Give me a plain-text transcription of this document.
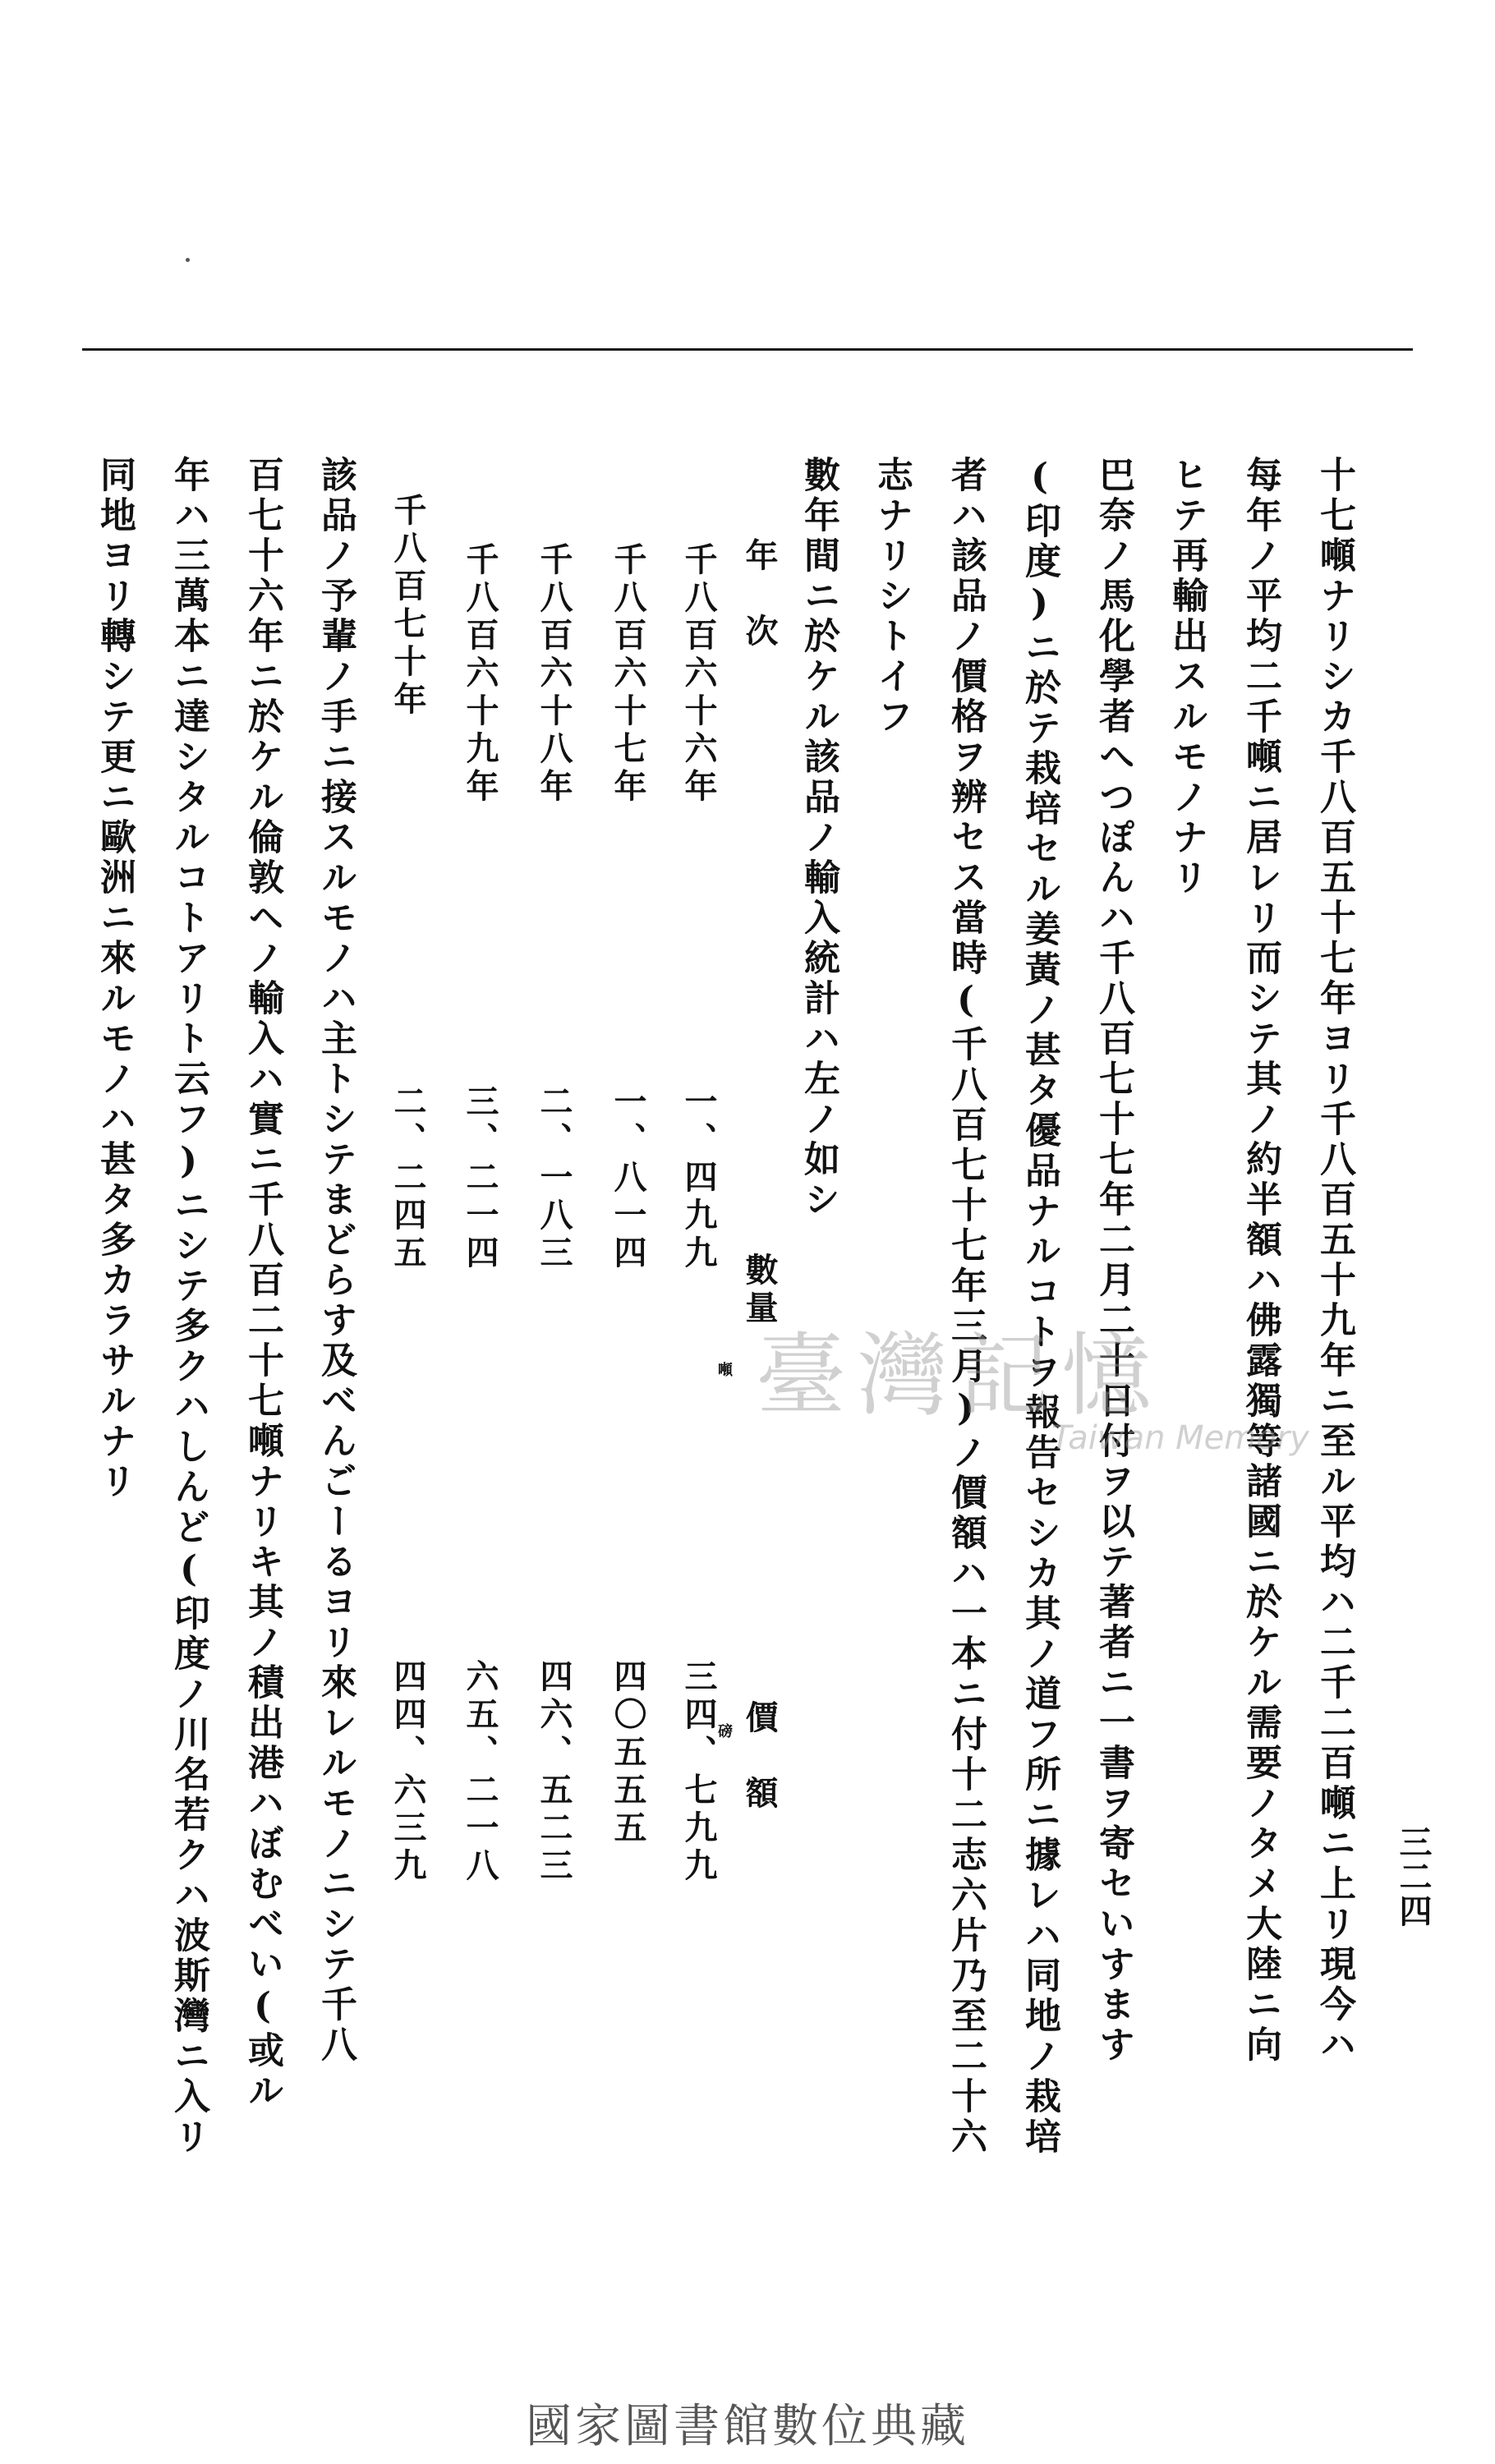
三二四
十七噸ナリシカ千八百五十七年ヨリ千八百五十九年ニ至ル平均ハ二千二百噸ニ上リ現今ハ
每年ノ平均二千噸ニ居レリ而シテ其ノ約半額ハ佛露獨等諸國ニ於ケル需要ノタメ大陸ニ向
ヒテ再輸出スルモノナリ
巴奈ノ馬化學者へつぽんハ千八百七十七年二月二十日付ヲ以テ著者ニ一書ヲ寄セいすます
(印度)ニ於テ栽培セル姜黃ノ甚タ優品ナルコトヲ報告セシカ其ノ道フ所ニ據レハ同地ノ栽培
者ハ該品ノ價格ヲ辨セス當時(千八百七十七年三月)ノ價額ハ一本ニ付十二志六片乃至二十六
志ナリシトイフ
數年間ニ於ケル該品ノ輸入統計ハ左ノ如シ
年　次
數量
價　額
千八百六十六年
一、四九九
噸
三四、七九九
磅
千八百六十七年
一、八一四
四〇五五五
千八百六十八年
二、一八三
四六、五二三
千八百六十九年
三、二一四
六五、二一八
千八百七十年
二、二四五
四四、六三九
該品ノ予輩ノ手ニ接スルモノハ主トシテまどらす及べんごーるヨリ來レルモノニシテ千八
百七十六年ニ於ケル倫敦ヘノ輸入ハ實ニ千八百二十七噸ナリキ其ノ積出港ハぼむべい(或ル
年ハ三萬本ニ達シタルコトアリト云フ)ニシテ多クハしんど(印度ノ川名若クハ波斯灣ニ入リ
同地ヨリ轉シテ更ニ歐洲ニ來ルモノハ甚タ多カラサルナリ	臺灣記憶
Taiwan Memory
國家圖書館數位典藏
